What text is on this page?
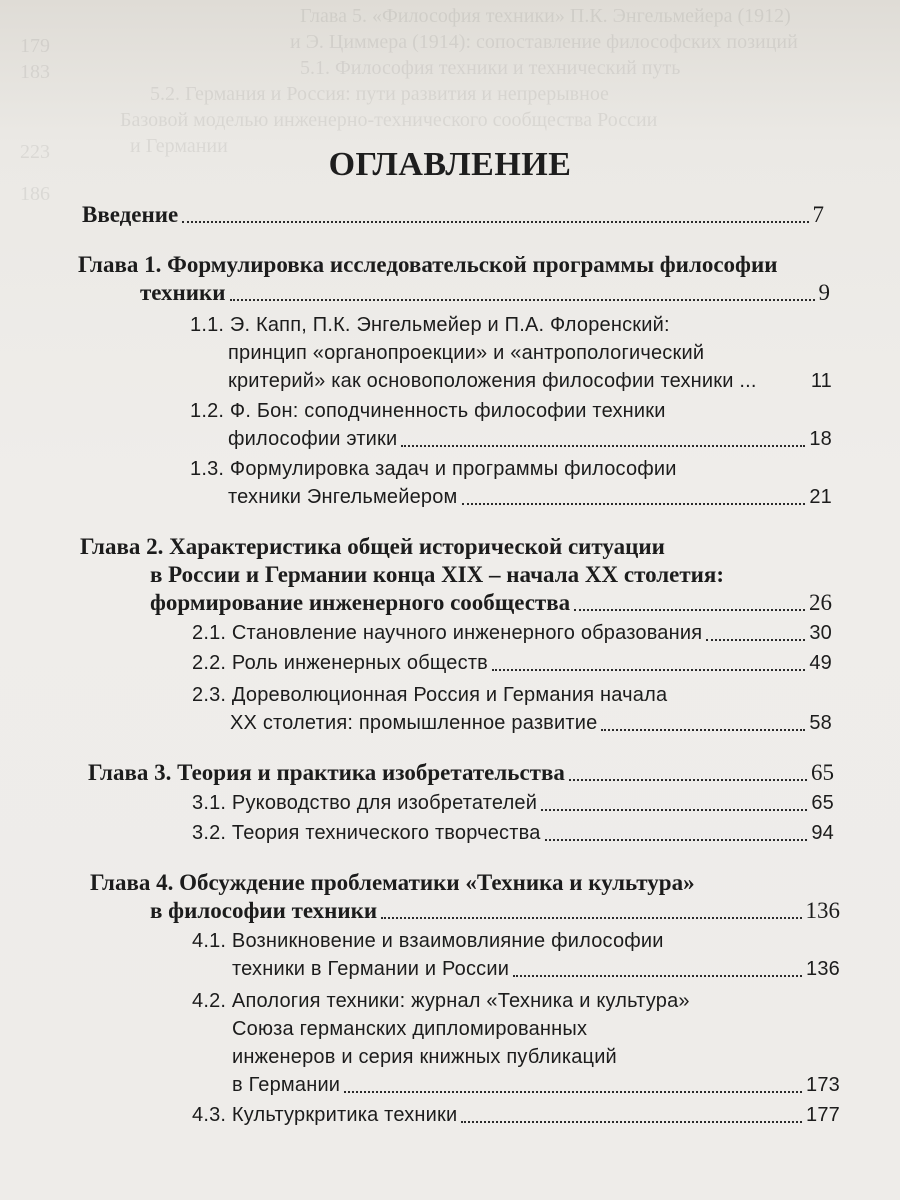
Глава 5. «Философия техники» П.К. Энгельмейера (1912)
и Э. Циммера (1914): сопоставление философских позиций
5.1. Философия техники и технический путь
5.2. Германия и Россия: пути развития и непрерывное
Базовой моделью инженерно-технического сообщества России
и Германии
179
183
223
186
ОГЛАВЛЕНИЕ
Введение	7
Глава 1. Формулировка исследовательской программы философии
техники	9
1.1. Э. Капп, П.К. Энгельмейер и П.А. Флоренский:
принцип «органопроекции» и «антропологический
критерий» как основоположения философии техники ...	11
1.2. Ф. Бон: соподчиненность философии техники
философии этики	18
1.3. Формулировка задач и программы философии
техники Энгельмейером	21
Глава 2. Характеристика общей исторической ситуации
в России и Германии конца XIX – начала XX столетия:
формирование инженерного сообщества	26
2.1. Становление научного инженерного образования	30
2.2. Роль инженерных обществ	49
2.3. Дореволюционная Россия и Германия начала
XX столетия: промышленное развитие	58
Глава 3. Теория и практика изобретательства	65
3.1. Руководство для изобретателей	65
3.2. Теория технического творчества	94
Глава 4. Обсуждение проблематики «Техника и культура»
в философии техники	136
4.1. Возникновение и взаимовлияние философии
техники в Германии и России	136
4.2. Апология техники: журнал «Техника и культура»
Союза германских дипломированных
инженеров и серия книжных публикаций
в Германии	173
4.3. Культуркритика техники	177
